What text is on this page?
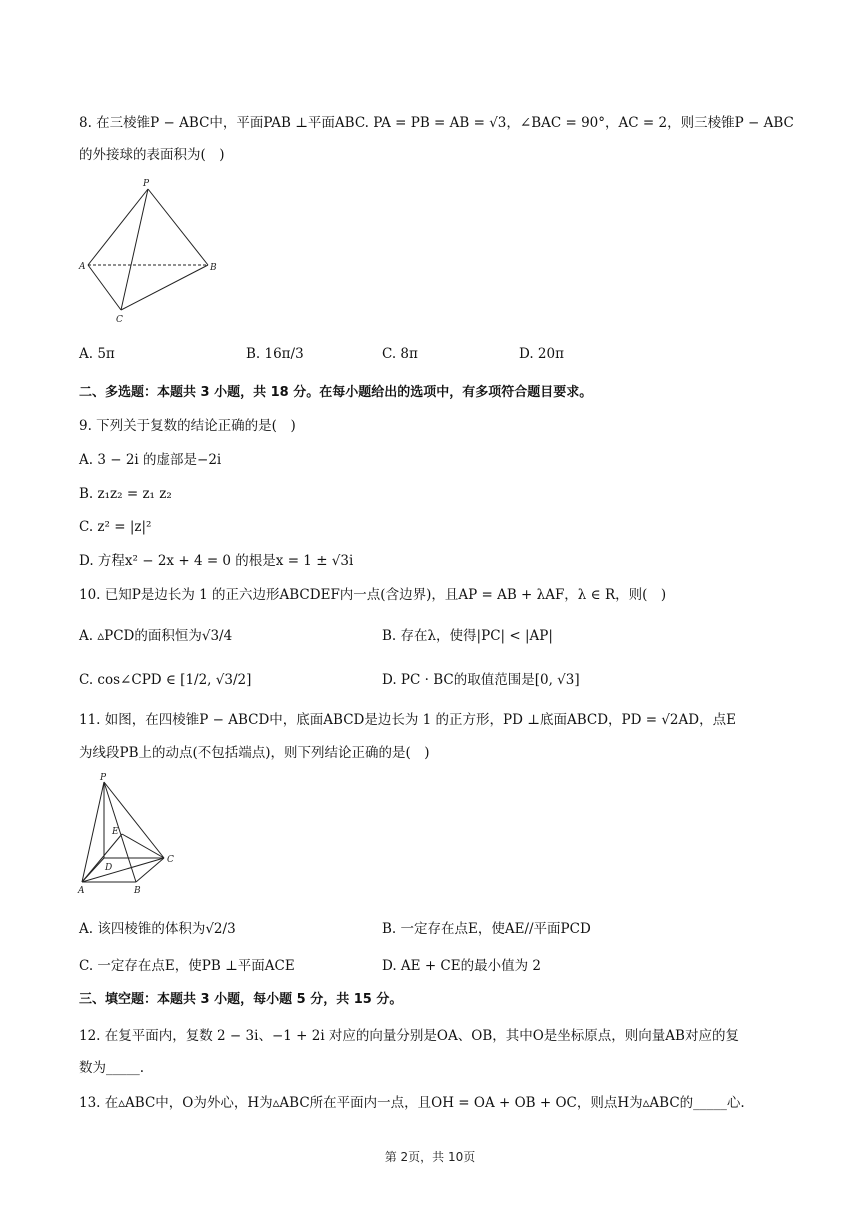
8. 在三棱锥P − ABC中，平面PAB ⊥平面ABC. PA = PB = AB = √3，∠BAC = 90°，AC = 2，则三棱锥P − ABC
的外接球的表面积为(　)
P
A	B
C
A. 5π	B. 16π/3	C. 8π	D. 20π
二、多选题：本题共 3 小题，共 18 分。在每小题给出的选项中，有多项符合题目要求。
9. 下列关于复数的结论正确的是(　)
A. 3 − 2i 的虚部是−2i
B. z₁z₂ = z₁ z₂
C. z² = |z|²
D. 方程x² − 2x + 4 = 0 的根是x = 1 ± √3i
10. 已知P是边长为 1 的正六边形ABCDEF内一点(含边界)，且AP = AB + λAF，λ ∈ R，则(　)
A. ▵PCD的面积恒为√3/4	B. 存在λ，使得|PC| < |AP|
C. cos∠CPD ∈ [1/2, √3/2]	D. PC · BC的取值范围是[0, √3]
11. 如图，在四棱锥P − ABCD中，底面ABCD是边长为 1 的正方形，PD ⊥底面ABCD，PD = √2AD，点E
为线段PB上的动点(不包括端点)，则下列结论正确的是(　)
P
E
D
C
A	B
A. 该四棱锥的体积为√2/3	B. 一定存在点E，使AE//平面PCD
C. 一定存在点E，使PB ⊥平面ACE	D. AE + CE的最小值为 2
三、填空题：本题共 3 小题，每小题 5 分，共 15 分。
12. 在复平面内，复数 2 − 3i、−1 + 2i 对应的向量分别是OA、OB，其中O是坐标原点，则向量AB对应的复
数为_____.
13. 在▵ABC中，O为外心，H为▵ABC所在平面内一点，且OH = OA + OB + OC，则点H为▵ABC的_____心.
第 2页，共 10页
